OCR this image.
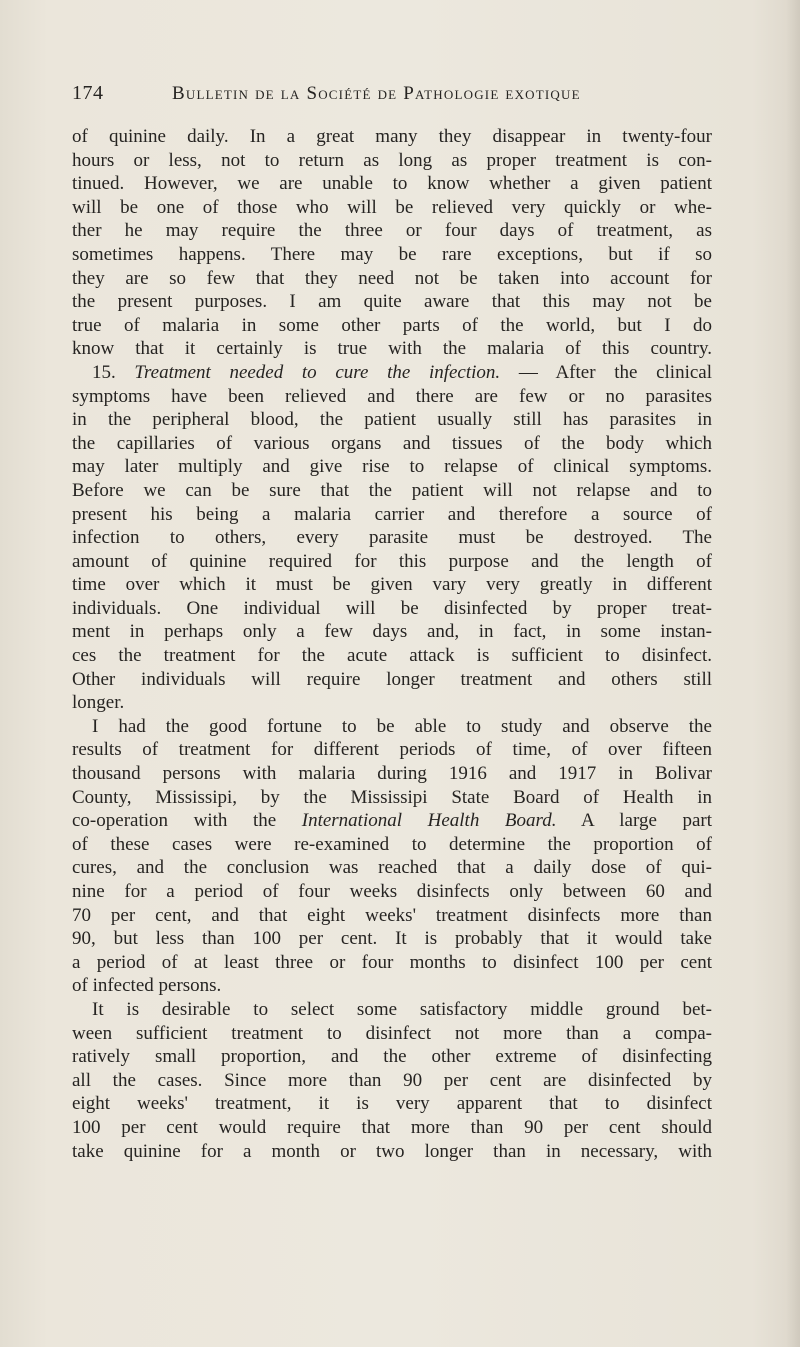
174	Bulletin de la Société de Pathologie exotique
of quinine daily. In a great many they disappear in twenty-four
hours or less, not to return as long as proper treatment is con-
tinued. However, we are unable to know whether a given patient
will be one of those who will be relieved very quickly or whe-
ther he may require the three or four days of treatment, as
sometimes happens. There may be rare exceptions, but if so
they are so few that they need not be taken into account for
the present purposes. I am quite aware that this may not be
true of malaria in some other parts of the world, but I do
know that it certainly is true with the malaria of this country.
15. Treatment needed to cure the infection. — After the clinical
symptoms have been relieved and there are few or no parasites
in the peripheral blood, the patient usually still has parasites in
the capillaries of various organs and tissues of the body which
may later multiply and give rise to relapse of clinical symptoms.
Before we can be sure that the patient will not relapse and to
present his being a malaria carrier and therefore a source of
infection to others, every parasite must be destroyed. The
amount of quinine required for this purpose and the length of
time over which it must be given vary very greatly in different
individuals. One individual will be disinfected by proper treat-
ment in perhaps only a few days and, in fact, in some instan-
ces the treatment for the acute attack is sufficient to disinfect.
Other individuals will require longer treatment and others still
longer.
I had the good fortune to be able to study and observe the
results of treatment for different periods of time, of over fifteen
thousand persons with malaria during 1916 and 1917 in Bolivar
County, Mississipi, by the Mississipi State Board of Health in
co-operation with the International Health Board. A large part
of these cases were re-examined to determine the proportion of
cures, and the conclusion was reached that a daily dose of qui-
nine for a period of four weeks disinfects only between 60 and
70 per cent, and that eight weeks' treatment disinfects more than
90, but less than 100 per cent. It is probably that it would take
a period of at least three or four months to disinfect 100 per cent
of infected persons.
It is desirable to select some satisfactory middle ground bet-
ween sufficient treatment to disinfect not more than a compa-
ratively small proportion, and the other extreme of disinfecting
all the cases. Since more than 90 per cent are disinfected by
eight weeks' treatment, it is very apparent that to disinfect
100 per cent would require that more than 90 per cent should
take quinine for a month or two longer than in necessary, with
